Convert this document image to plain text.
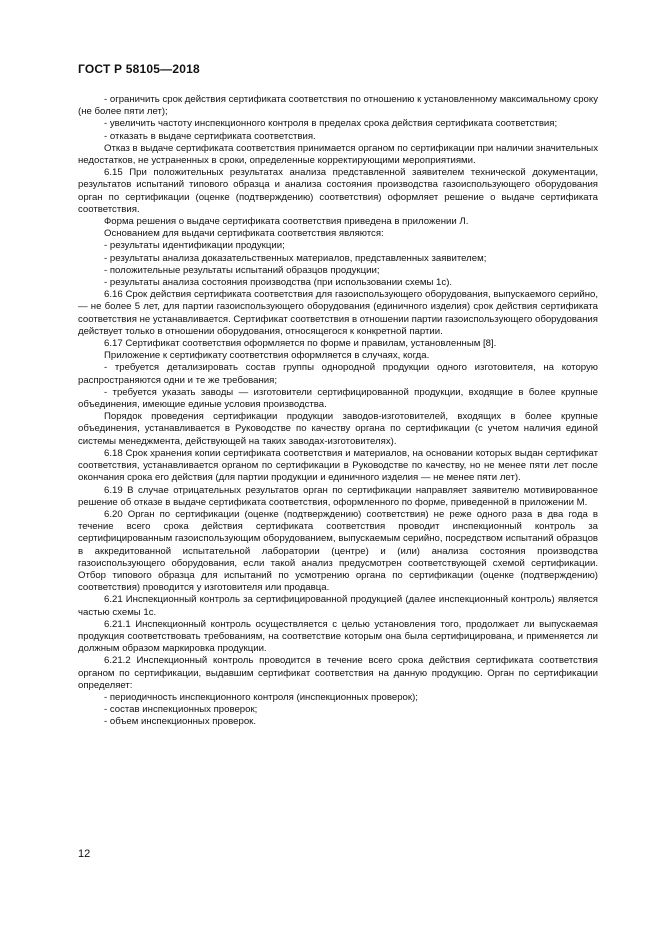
ГОСТ Р 58105—2018

- ограничить срок действия сертификата соответствия по отношению к установленному максимальному сроку (не более пяти лет);

- увеличить частоту инспекционного контроля в пределах срока действия сертификата соответствия;

- отказать в выдаче сертификата соответствия.

Отказ в выдаче сертификата соответствия принимается органом по сертификации при наличии значительных недостатков, не устраненных в сроки, определенные корректирующими мероприятиями.

6.15 При положительных результатах анализа представленной заявителем технической документации, результатов испытаний типового образца и анализа состояния производства газоиспользующего оборудования орган по сертификации (оценке (подтверждению) соответствия) оформляет решение о выдаче сертификата соответствия.

Форма решения о выдаче сертификата соответствия приведена в приложении Л.

Основанием для выдачи сертификата соответствия являются:

- результаты идентификации продукции;

- результаты анализа доказательственных материалов, представленных заявителем;

- положительные результаты испытаний образцов продукции;

- результаты анализа состояния производства (при использовании схемы 1с).

6.16 Срок действия сертификата соответствия для газоиспользующего оборудования, выпускаемого серийно, — не более 5 лет, для партии газоиспользующего оборудования (единичного изделия) срок действия сертификата соответствия не устанавливается. Сертификат соответствия в отношении партии газоиспользующего оборудования действует только в отношении оборудования, относящегося к конкретной партии.

6.17 Сертификат соответствия оформляется по форме и правилам, установленным [8].

Приложение к сертификату соответствия оформляется в случаях, когда.

- требуется детализировать состав группы однородной продукции одного изготовителя, на которую распространяются одни и те же требования;

- требуется указать заводы — изготовители сертифицированной продукции, входящие в более крупные объединения, имеющие единые условия производства.

Порядок проведения сертификации продукции заводов-изготовителей, входящих в более крупные объединения, устанавливается в Руководстве по качеству органа по сертификации (с учетом наличия единой системы менеджмента, действующей на таких заводах-изготовителях).

6.18 Срок хранения копии сертификата соответствия и материалов, на основании которых выдан сертификат соответствия, устанавливается органом по сертификации в Руководстве по качеству, но не менее пяти лет после окончания срока его действия (для партии продукции и единичного изделия — не менее пяти лет).

6.19 В случае отрицательных результатов орган по сертификации направляет заявителю мотивированное решение об отказе в выдаче сертификата соответствия, оформленного по форме, приведенной в приложении М.

6.20 Орган по сертификации (оценке (подтверждению) соответствия) не реже одного раза в два года в течение всего срока действия сертификата соответствия проводит инспекционный контроль за сертифицированным газоиспользующим оборудованием, выпускаемым серийно, посредством испытаний образцов в аккредитованной испытательной лаборатории (центре) и (или) анализа состояния производства газоиспользующего оборудования, если такой анализ предусмотрен соответствующей схемой сертификации. Отбор типового образца для испытаний по усмотрению органа по сертификации (оценке (подтверждению) соответствия) проводится у изготовителя или продавца.

6.21 Инспекционный контроль за сертифицированной продукцией (далее инспекционный контроль) является частью схемы 1с.

6.21.1 Инспекционный контроль осуществляется с целью установления того, продолжает ли выпускаемая продукция соответствовать требованиям, на соответствие которым она была сертифицирована, и применяется ли должным образом маркировка продукции.

6.21.2 Инспекционный контроль проводится в течение всего срока действия сертификата соответствия органом по сертификации, выдавшим сертификат соответствия на данную продукцию. Орган по сертификации определяет:

- периодичность инспекционного контроля (инспекционных проверок);

- состав инспекционных проверок;

- объем инспекционных проверок.

12
